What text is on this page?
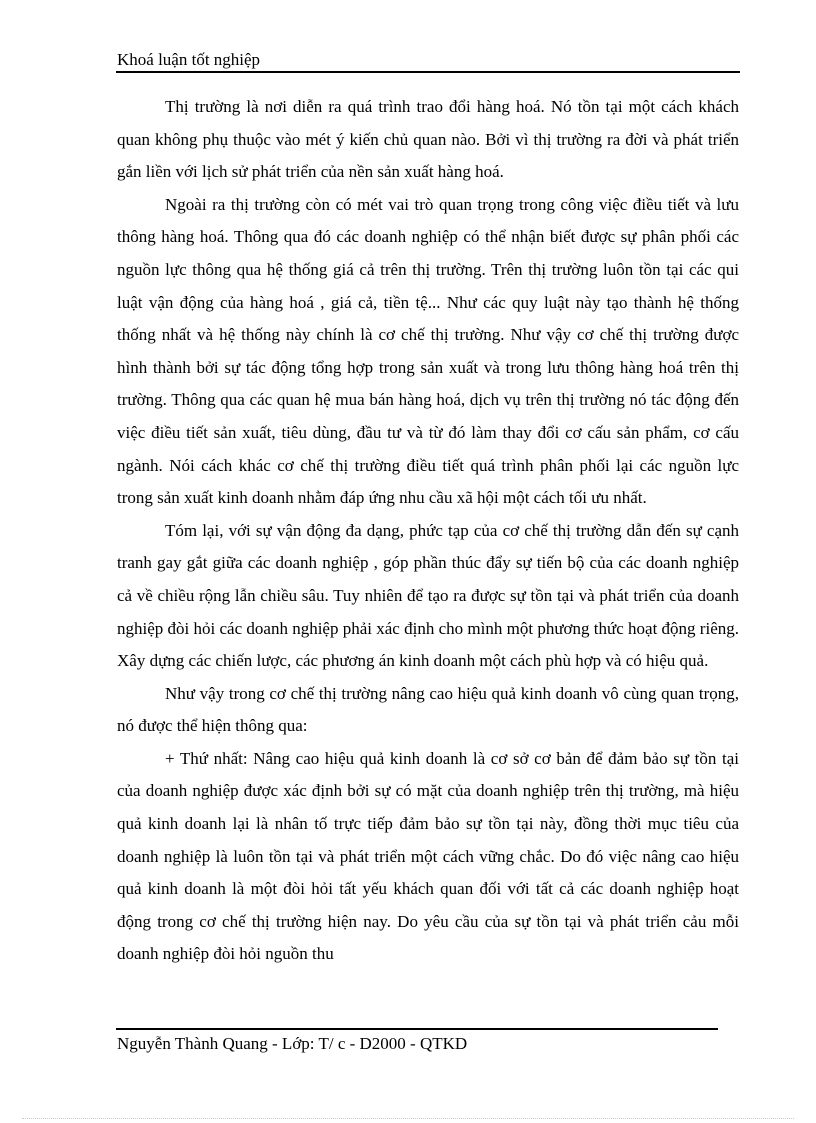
Khoá luận tốt nghiệp

Thị trường là nơi diễn ra quá trình trao đổi hàng hoá. Nó tồn tại một cách khách quan không phụ thuộc vào mét ý kiến chủ quan nào. Bởi vì thị trường ra đời và phát triển gắn liền với lịch sử phát triển của nền sản xuất hàng hoá.

Ngoài ra thị trường còn có mét vai trò quan trọng trong công việc điều tiết và lưu thông hàng hoá. Thông qua đó các doanh nghiệp có thể nhận biết được sự phân phối các nguồn lực thông qua hệ thống giá cả trên thị trường. Trên thị trường luôn tồn tại các qui luật vận động của hàng hoá , giá cả, tiền tệ... Như các quy luật này tạo thành hệ thống thống nhất và hệ thống này chính là cơ chế thị trường. Như vậy cơ chế thị trường được hình thành bởi sự tác động tổng hợp trong sản xuất và trong lưu thông hàng hoá trên thị trường. Thông qua các quan hệ mua bán hàng hoá, dịch vụ trên thị trường nó tác động đến việc điều tiết sản xuất, tiêu dùng, đầu tư và từ đó làm thay đổi cơ cấu sản phẩm, cơ cấu ngành. Nói cách khác cơ chế thị trường điều tiết quá trình phân phối lại các nguồn lực trong sản xuất kinh doanh nhằm đáp ứng nhu cầu xã hội một cách tối ưu nhất.

Tóm lại, với sự vận động đa dạng, phức tạp của cơ chế thị trường dẫn đến sự cạnh tranh gay gắt giữa các doanh nghiệp , góp phần thúc đẩy sự tiến bộ của các doanh nghiệp cả về chiều rộng lẫn chiều sâu. Tuy nhiên để tạo ra được sự tồn tại và phát triển của doanh nghiệp đòi hỏi các doanh nghiệp phải xác định cho mình một phương thức hoạt động riêng. Xây dựng các chiến lược, các phương án kinh doanh một cách phù hợp và có hiệu quả.

Như vậy trong cơ chế thị trường nâng cao hiệu quả kinh doanh vô cùng quan trọng, nó được thể hiện thông qua:

+ Thứ nhất: Nâng cao hiệu quả kinh doanh là cơ sở cơ bản để đảm bảo sự tồn tại của doanh nghiệp được xác định bởi sự có mặt của doanh nghiệp trên thị trường, mà hiệu quả kinh doanh lại là nhân tố trực tiếp đảm bảo sự tồn tại này, đồng thời mục tiêu của doanh nghiệp là luôn tồn tại và phát triển một cách vững chắc. Do đó việc nâng cao hiệu quả kinh doanh là một đòi hỏi tất yếu khách quan đối với tất cả các doanh nghiệp hoạt động trong cơ chế thị trường hiện nay. Do yêu cầu của sự tồn tại và phát triển cảu mỗi doanh nghiệp đòi hỏi nguồn thu

Nguyễn Thành Quang - Lớp: T/ c - D2000 - QTKD
